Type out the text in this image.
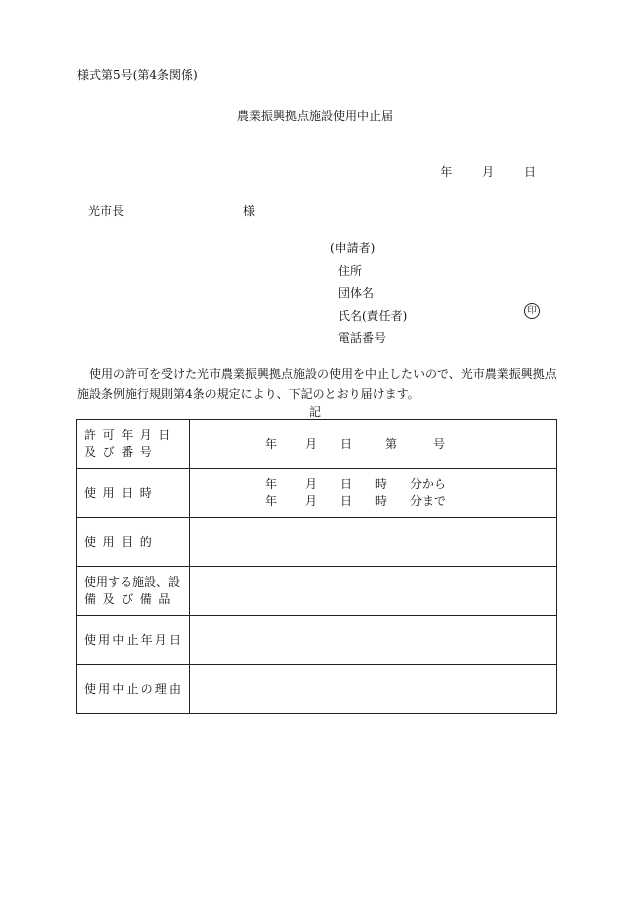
様式第5号(第4条関係)
農業振興拠点施設使用中止届
年 月 日
光市長	様
(申請者)
住所
団体名
氏名(責任者)
電話番号
印
使用の許可を受けた光市農業振興拠点施設の使用を中止したいので、光市農業振興拠点施設条例施行規則第4条の規定により、下記のとおり届けます。
記
許可年月日
及び番号	年 月 日 第 号

使用日時	年 月 日 時 分から
年 月 日 時 分まで

使用目的	

使用する施設、設
備及び備品	

使用中止年月日	

使用中止の理由	
